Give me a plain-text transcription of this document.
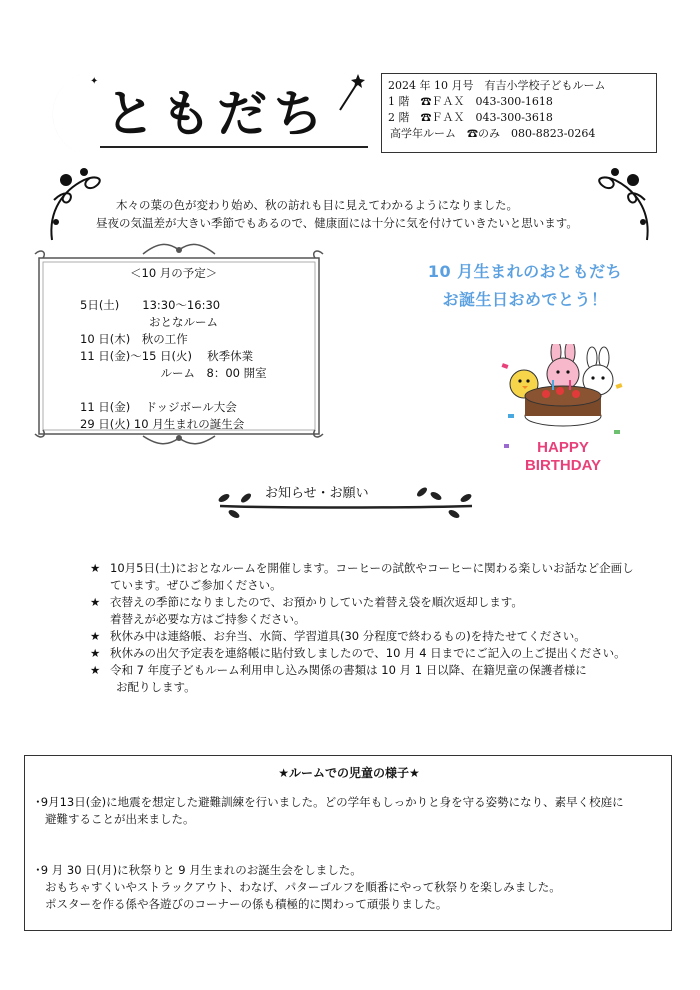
✦
ともだち	2024 年 10 月号　有吉小学校子どもルーム
1 階　☎ＦＡＸ　043-300-1618
2 階　☎ＦＡＸ　043-300-3618
高学年ルーム　☎のみ　080-8823-0264
木々の葉の色が変わり始め、秋の訪れも目に見えてわかるようになりました。
昼夜の気温差が大きい季節でもあるので、健康面には十分に気を付けていきたいと思います。
＜10 月の予定＞
5日(土)　　13:30～16:30
　　　　　　おとなルーム
10 日(木)　秋の工作
11 日(金)～15 日(火)　 秋季休業
　　　　　　　ルーム　8：00 開室
11 日(金)　 ドッジボール大会
29 日(火) 10 月生まれの誕生会
10 月生まれのおともだち
お誕生日おめでとう！
HAPPY
BIRTHDAY
お知らせ・お願い
★ 10月5日(土)におとなルームを開催します。コーヒーの試飲やコーヒーに関わる楽しいお話など企画し
ています。ぜひご参加ください。
★ 衣替えの季節になりましたので、お預かりしていた着替え袋を順次返却します。
着替えが必要な方はご持参ください。
★ 秋休み中は連絡帳、お弁当、水筒、学習道具(30 分程度で終わるもの)を持たせてください。
★ 秋休みの出欠予定表を連絡帳に貼付致しましたので、10 月 4 日までにご記入の上ご提出ください。
★ 令和 7 年度子どもルーム利用申し込み関係の書類は 10 月 1 日以降、在籍児童の保護者様に
お配りします。
★ルームでの児童の様子★
･9月13日(金)に地震を想定した避難訓練を行いました。どの学年もしっかりと身を守る姿勢になり、素早く校庭に
避難することが出来ました。
･9 月 30 日(月)に秋祭りと 9 月生まれのお誕生会をしました。
おもちゃすくいやストラックアウト、わなげ、パターゴルフを順番にやって秋祭りを楽しみました。
ポスターを作る係や各遊びのコーナーの係も積極的に関わって頑張りました。
